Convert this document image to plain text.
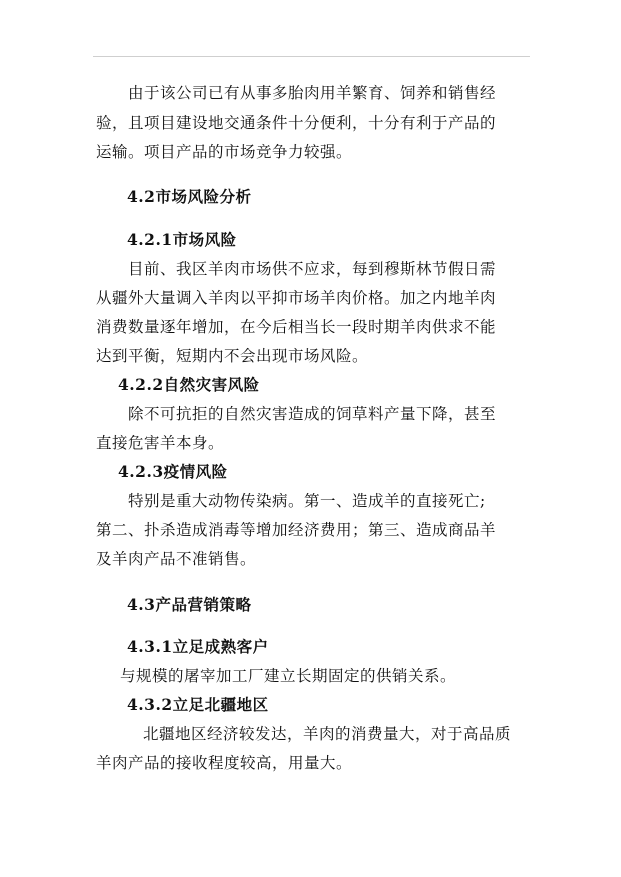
由于该公司已有从事多胎肉用羊繁育、饲养和销售经
验，且项目建设地交通条件十分便利，十分有利于产品的
运输。项目产品的市场竞争力较强。
4.2市场风险分析
4.2.1市场风险
目前、我区羊肉市场供不应求，每到穆斯林节假日需
从疆外大量调入羊肉以平抑市场羊肉价格。加之内地羊肉
消费数量逐年增加，在今后相当长一段时期羊肉供求不能
达到平衡，短期内不会出现市场风险。
4.2.2自然灾害风险
除不可抗拒的自然灾害造成的饲草料产量下降，甚至
直接危害羊本身。
4.2.3疫情风险
特别是重大动物传染病。第一、造成羊的直接死亡;
第二、扑杀造成消毒等增加经济费用；第三、造成商品羊
及羊肉产品不准销售。
4.3产品营销策略
4.3.1立足成熟客户
与规模的屠宰加工厂建立长期固定的供销关系。
4.3.2立足北疆地区
北疆地区经济较发达，羊肉的消费量大，对于高品质
羊肉产品的接收程度较高，用量大。
